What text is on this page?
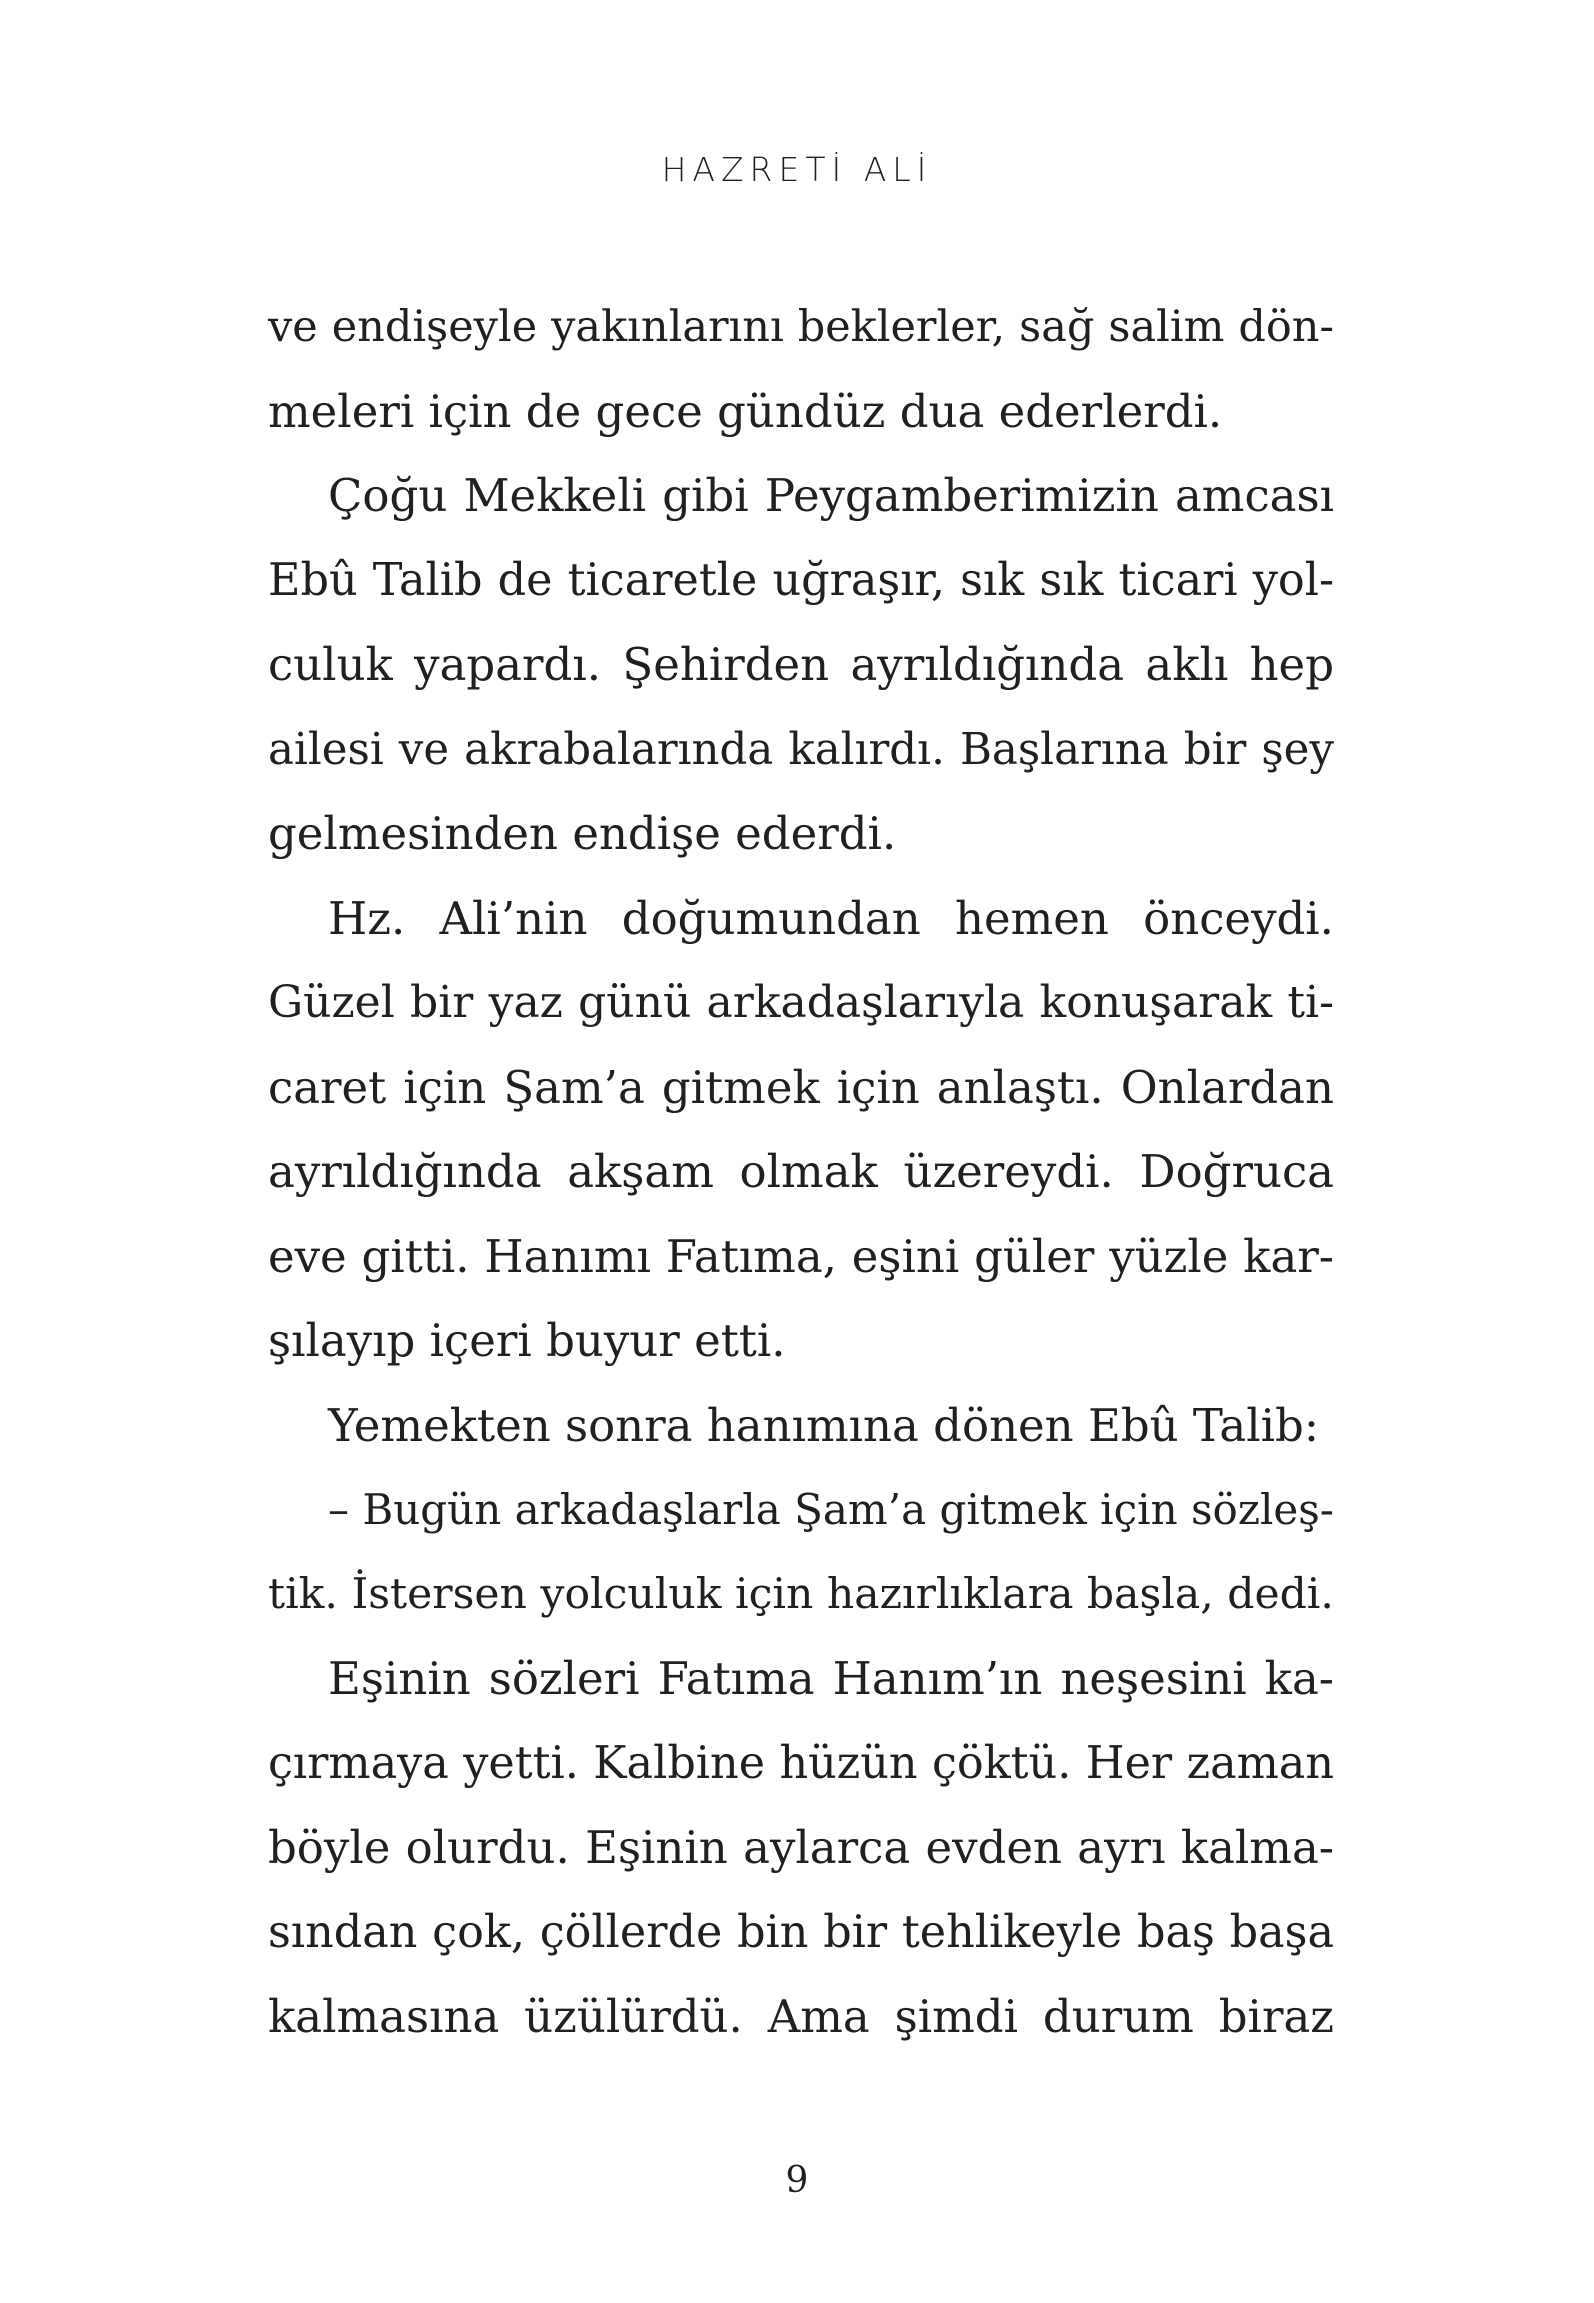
HAZRETİ ALİ
ve endişeyle yakınlarını beklerler, sağ salim dön-
meleri için de gece gündüz dua ederlerdi.
Çoğu Mekkeli gibi Peygamberimizin amcası
Ebû Talib de ticaretle uğraşır, sık sık ticari yol-
culuk yapardı. Şehirden ayrıldığında aklı hep
ailesi ve akrabalarında kalırdı. Başlarına bir şey
gelmesinden endişe ederdi.
Hz. Ali’nin doğumundan hemen önceydi.
Güzel bir yaz günü arkadaşlarıyla konuşarak ti-
caret için Şam’a gitmek için anlaştı. Onlardan
ayrıldığında akşam olmak üzereydi. Doğruca
eve gitti. Hanımı Fatıma, eşini güler yüzle kar-
şılayıp içeri buyur etti.
Yemekten sonra hanımına dönen Ebû Talib:
– Bugün arkadaşlarla Şam’a gitmek için sözleş-
tik. İstersen yolculuk için hazırlıklara başla, dedi.
Eşinin sözleri Fatıma Hanım’ın neşesini ka-
çırmaya yetti. Kalbine hüzün çöktü. Her zaman
böyle olurdu. Eşinin aylarca evden ayrı kalma-
sından çok, çöllerde bin bir tehlikeyle baş başa
kalmasına üzülürdü. Ama şimdi durum biraz
9
